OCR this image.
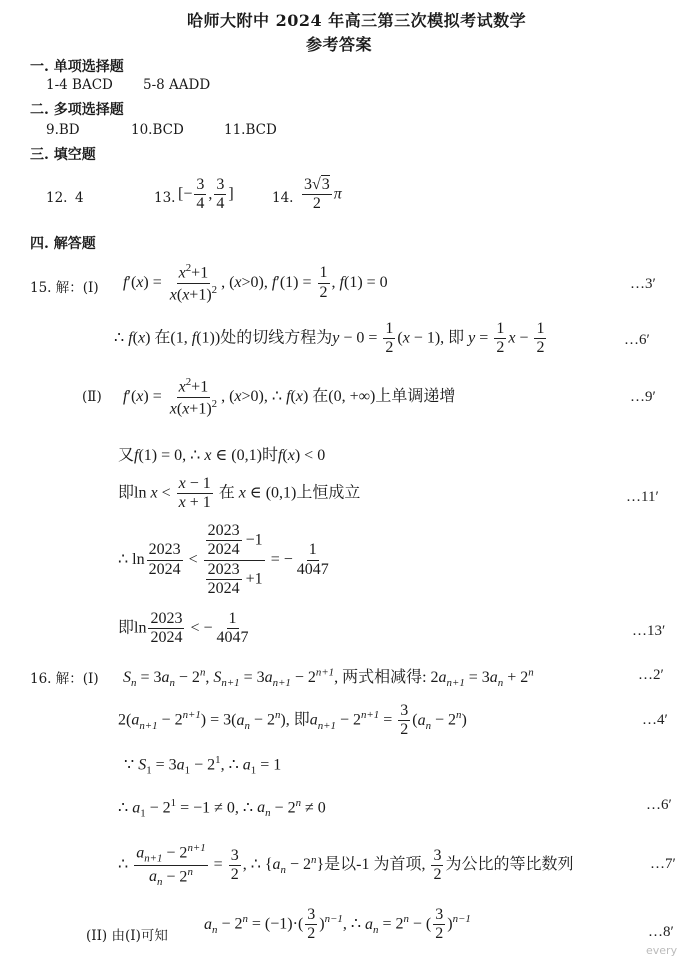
哈师大附中 2024 年高三第三次模拟考试数学
参考答案
一. 单项选择题
1-4 BACD 5-8 AADD
二. 多项选择题
9.BD	10.BCD	11.BCD
三. 填空题
12. 4	13. [− $\frac{3}{4}$ , $\frac{3}{4}$ ]	14. $\frac{3√3}{2}$ π
四. 解答题
15. 解：(Ⅰ) $f'(x) = \frac{x^2+1}{x(x+1)^2}$ , (x>0), $f'(1) = \frac{1}{2}$ , f(1) = 0	…3′
∴ f(x) 在(1, f(1))处的切线方程为$y - 0 = \frac{1}{2} (x - 1)$, 即 $y = \frac{1}{2}$ $x - \frac{1}{2}$	…6′
(Ⅱ) $f'(x) = \frac{x^2+1}{x(x+1)^2}$ , (x>0), ∴ f(x) 在(0, +∞)上单调递增	…9′
又f(1) = 0, ∴ x ∈ (0,1)时f(x) < 0
即$\ln x < \frac{x - 1}{x + 1}$ 在 x ∈ (0,1)上恒成立	…11′
∴ $\ln \frac{2023}{2024} < \frac{\frac{2023}{2024} -1}{\frac{2023}{2024} +1}$ = − $\frac{1}{4047}$
即$\ln \frac{2023}{2024}$ < − $\frac{1}{4047}$	…13′
16. 解：(Ⅰ) $S_n = 3a_n - 2^n$, $S_{n+1} = 3a_{n+1} - 2^{n+1}$, 两式相减得: $2a_{n+1} = 3a_n + 2^n$	…2′
$2(a_{n+1} - 2^{n+1}) = 3(a_n - 2^n)$, 即$a_{n+1} - 2^{n+1} = \frac{3}{2} (a_n - 2^n)$	…4′
∵ $S_1 = 3a_1 - 2^1$, ∴ $a_1 = 1$
∴ $a_1 - 2^1 = -1 \ne 0$, ∴ $a_n - 2^n \ne 0$	…6′
∴ $\frac{a_{n+1} - 2^{n+1}}{a_n - 2^n} = \frac{3}{2}$ , ∴ $\{a_n - 2^n\}$是以-1 为首项, $\frac{3}{2}$ 为公比的等比数列	…7′
(II) 由(Ⅰ)可知
$a_n - 2^n = (-1)\cdot( \frac{3}{2} )^{n-1}$, ∴ $a_n = 2^n$ − ( $\frac{3}{2} )^{n-1}$
…8′
every
